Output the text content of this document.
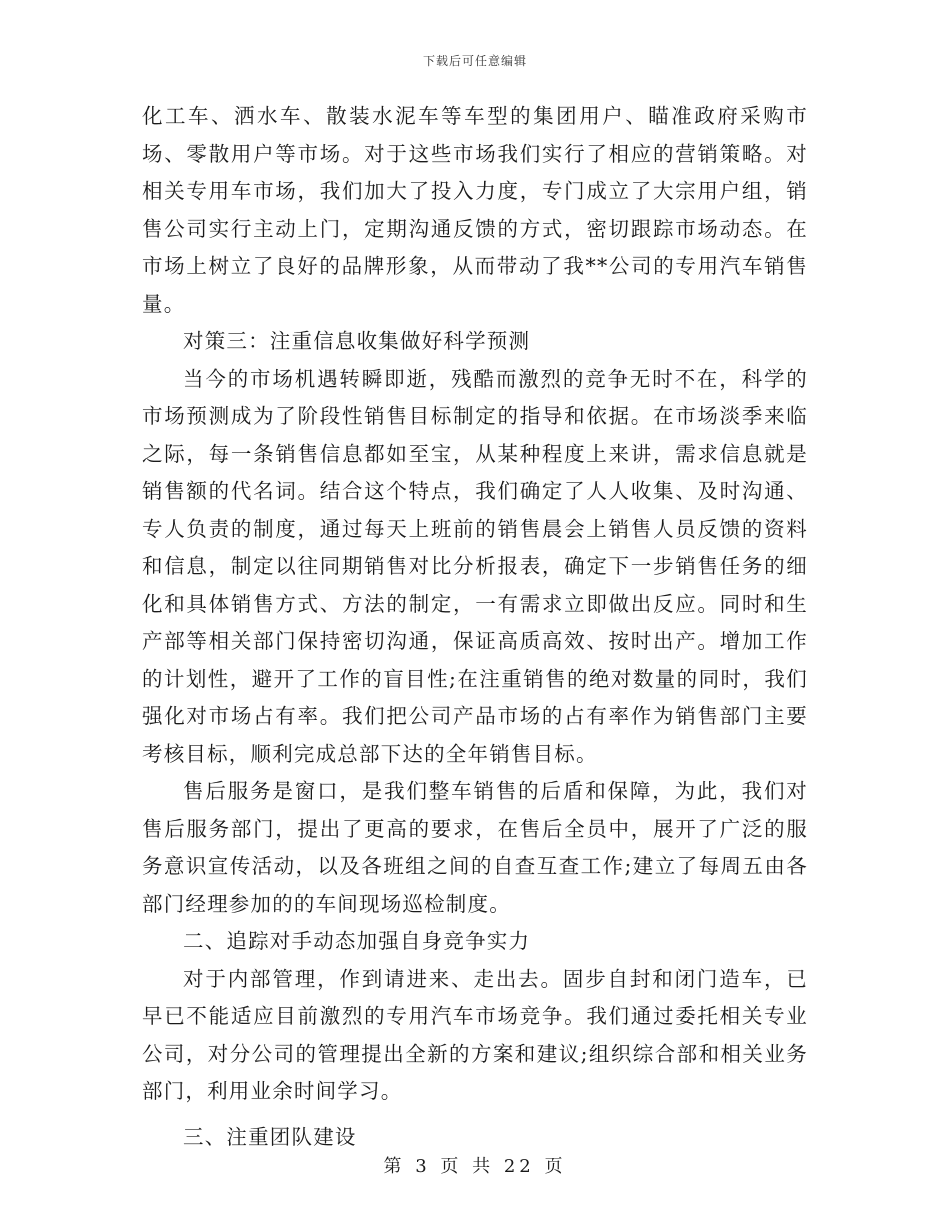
下载后可任意编辑

化工车、洒水车、散装水泥车等车型的集团用户、瞄准政府采购市场、零散用户等市场。对于这些市场我们实行了相应的营销策略。对相关专用车市场，我们加大了投入力度，专门成立了大宗用户组，销售公司实行主动上门，定期沟通反馈的方式，密切跟踪市场动态。在市场上树立了良好的品牌形象，从而带动了我**公司的专用汽车销售量。

对策三：注重信息收集做好科学预测

当今的市场机遇转瞬即逝，残酷而激烈的竞争无时不在，科学的市场预测成为了阶段性销售目标制定的指导和依据。在市场淡季来临之际，每一条销售信息都如至宝，从某种程度上来讲，需求信息就是销售额的代名词。结合这个特点，我们确定了人人收集、及时沟通、专人负责的制度，通过每天上班前的销售晨会上销售人员反馈的资料和信息，制定以往同期销售对比分析报表，确定下一步销售任务的细化和具体销售方式、方法的制定，一有需求立即做出反应。同时和生产部等相关部门保持密切沟通，保证高质高效、按时出产。增加工作的计划性，避开了工作的盲目性;在注重销售的绝对数量的同时，我们强化对市场占有率。我们把公司产品市场的占有率作为销售部门主要考核目标，顺利完成总部下达的全年销售目标。

售后服务是窗口，是我们整车销售的后盾和保障，为此，我们对售后服务部门，提出了更高的要求，在售后全员中，展开了广泛的服务意识宣传活动，以及各班组之间的自查互查工作;建立了每周五由各部门经理参加的的车间现场巡检制度。

二、追踪对手动态加强自身竞争实力

对于内部管理，作到请进来、走出去。固步自封和闭门造车，已早已不能适应目前激烈的专用汽车市场竞争。我们通过委托相关专业公司，对分公司的管理提出全新的方案和建议;组织综合部和相关业务部门，利用业余时间学习。

三、注重团队建设

第 3 页 共 22 页
